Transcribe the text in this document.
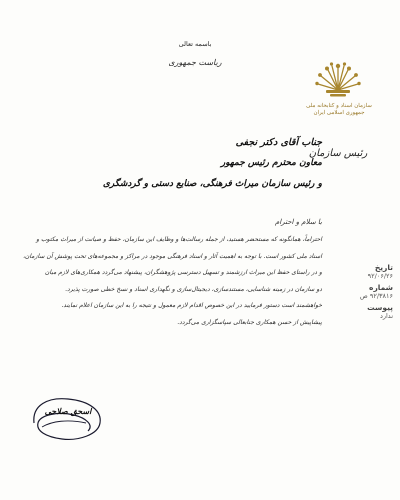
باسمه تعالی
ریاست جمهوری
سازمان اسناد و کتابخانه ملی
جمهوری اسلامی ایران
رئیس سازمان
جناب آقای دکتر نجفی
معاون محترم رئیس جمهور
و رئیس سازمان میراث فرهنگی، صنایع دستی و گردشگری
با سلام و احترام
احتراماً، همانگونه که مستحضر هستید، از جمله رسالت‌ها و وظایف این سازمان، حفظ و صیانت از میراث مکتوب و
اسناد ملی کشور است. با توجه به اهمیت آثار و اسناد فرهنگی موجود در مراکز و مجموعه‌های تحت پوشش آن سازمان،
و در راستای حفظ این میراث ارزشمند و تسهیل دسترسی پژوهشگران، پیشنهاد می‌گردد همکاری‌های لازم میان
دو سازمان در زمینه شناسایی، مستندسازی، دیجیتال‌سازی و نگهداری اسناد و نسخ خطی صورت پذیرد.
خواهشمند است دستور فرمایید در این خصوص اقدام لازم معمول و نتیجه را به این سازمان اعلام نمایند.
پیشاپیش از حسن همکاری جنابعالی سپاسگزاری می‌گردد.
تاریخ
۹۲/۰۶/۲۶
شماره
۹۲/۳۸۱۶ ص
پیوست
ندارد
اسحق صلاحی
